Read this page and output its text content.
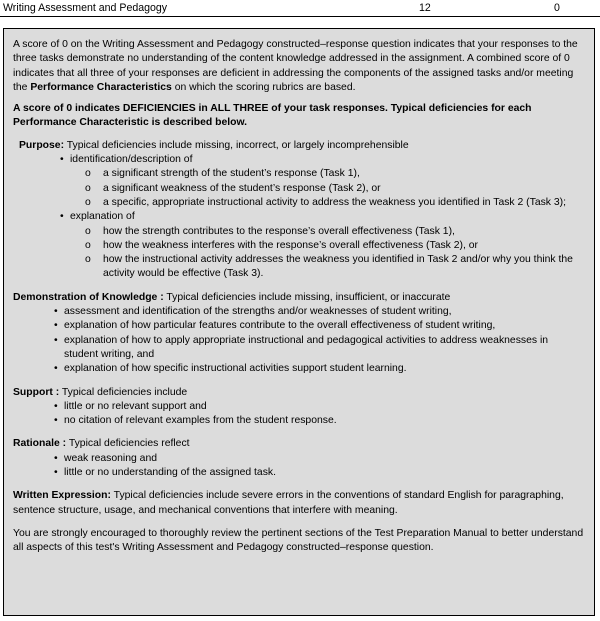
Writing Assessment and Pedagogy	12	0

A score of 0 on the Writing Assessment and Pedagogy constructed–response question indicates that your responses to the three tasks demonstrate no understanding of the content knowledge addressed in the assignment. A combined score of 0 indicates that all three of your responses are deficient in addressing the components of the assigned tasks and/or meeting the Performance Characteristics on which the scoring rubrics are based.

A score of 0 indicates DEFICIENCIES in ALL THREE of your task responses. Typical deficiencies for each Performance Characteristic is described below.

Purpose: Typical deficiencies include missing, incorrect, or largely incomprehensible

• identification/description of
o a significant strength of the student’s response (Task 1),
o a significant weakness of the student’s response (Task 2), or
o a specific, appropriate instructional activity to address the weakness you identified in Task 2 (Task 3);
• explanation of
o how the strength contributes to the response’s overall effectiveness (Task 1),
o how the weakness interferes with the response’s overall effectiveness (Task 2), or
o how the instructional activity addresses the weakness you identified in Task 2 and/or why you think the activity would be effective (Task 3).

Demonstration of Knowledge : Typical deficiencies include missing, insufficient, or inaccurate

• assessment and identification of the strengths and/or weaknesses of student writing,
• explanation of how particular features contribute to the overall effectiveness of student writing,
• explanation of how to apply appropriate instructional and pedagogical activities to address weaknesses in student writing, and
• explanation of how specific instructional activities support student learning.

Support : Typical deficiencies include

• little or no relevant support and
• no citation of relevant examples from the student response.

Rationale : Typical deficiencies reflect

• weak reasoning and
• little or no understanding of the assigned task.

Written Expression: Typical deficiencies include severe errors in the conventions of standard English for paragraphing, sentence structure, usage, and mechanical conventions that interfere with meaning.

You are strongly encouraged to thoroughly review the pertinent sections of the Test Preparation Manual to better understand all aspects of this test's Writing Assessment and Pedagogy constructed–response question.
